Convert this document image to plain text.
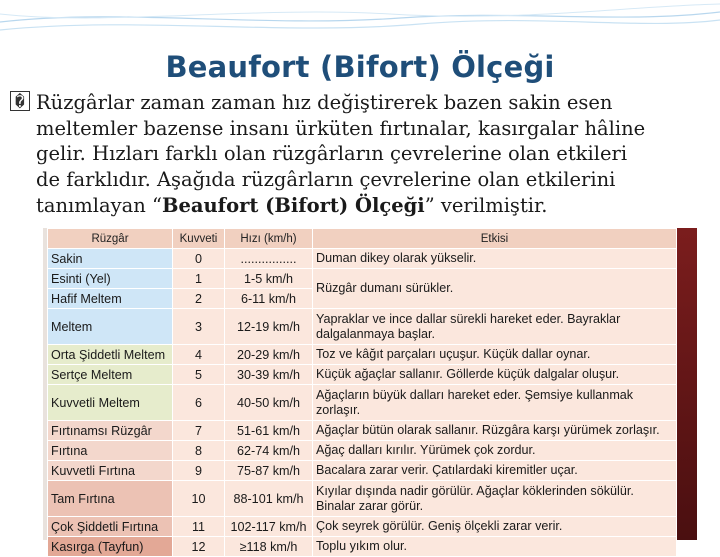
Beaufort (Bifort) Ölçeği
� Rüzgârlar zaman zaman hız değiştirerek bazen sakin esen
meltemler bazense insanı ürküten fırtınalar, kasırgalar hâline
gelir. Hızları farklı olan rüzgârların çevrelerine olan etkileri
de farklıdır. Aşağıda rüzgârların çevrelerine olan etkilerini
tanımlayan “Beaufort (Bifort) Ölçeği” verilmiştir.
Rüzgâr	Kuvveti	Hızı (km/h)	Etkisi
Sakin	0	................	Duman dikey olarak yükselir.
Esinti (Yel)	1	1-5 km/h	Rüzgâr dumanı sürükler.
Hafif Meltem	2	6-11 km/h	
Meltem	3	12-19 km/h	Yapraklar ve ince dallar sürekli hareket eder. Bayraklar dalgalanmaya başlar.
Orta Şiddetli Meltem	4	20-29 km/h	Toz ve kâğıt parçaları uçuşur. Küçük dallar oynar.
Sertçe Meltem	5	30-39 km/h	Küçük ağaçlar sallanır. Göllerde küçük dalgalar oluşur.
Kuvvetli Meltem	6	40-50 km/h	Ağaçların büyük dalları hareket eder. Şemsiye kullanmak zorlaşır.
Fırtınamsı Rüzgâr	7	51-61 km/h	Ağaçlar bütün olarak sallanır. Rüzgâra karşı yürümek zorlaşır.
Fırtına	8	62-74 km/h	Ağaç dalları kırılır. Yürümek çok zordur.
Kuvvetli Fırtına	9	75-87 km/h	Bacalara zarar verir. Çatılardaki kiremitler uçar.
Tam Fırtına	10	88-101 km/h	Kıyılar dışında nadir görülür. Ağaçlar köklerinden sökülür. Binalar zarar görür.
Çok Şiddetli Fırtına	11	102-117 km/h	Çok seyrek görülür. Geniş ölçekli zarar verir.
Kasırga (Tayfun)	12	≥118 km/h	Toplu yıkım olur.
